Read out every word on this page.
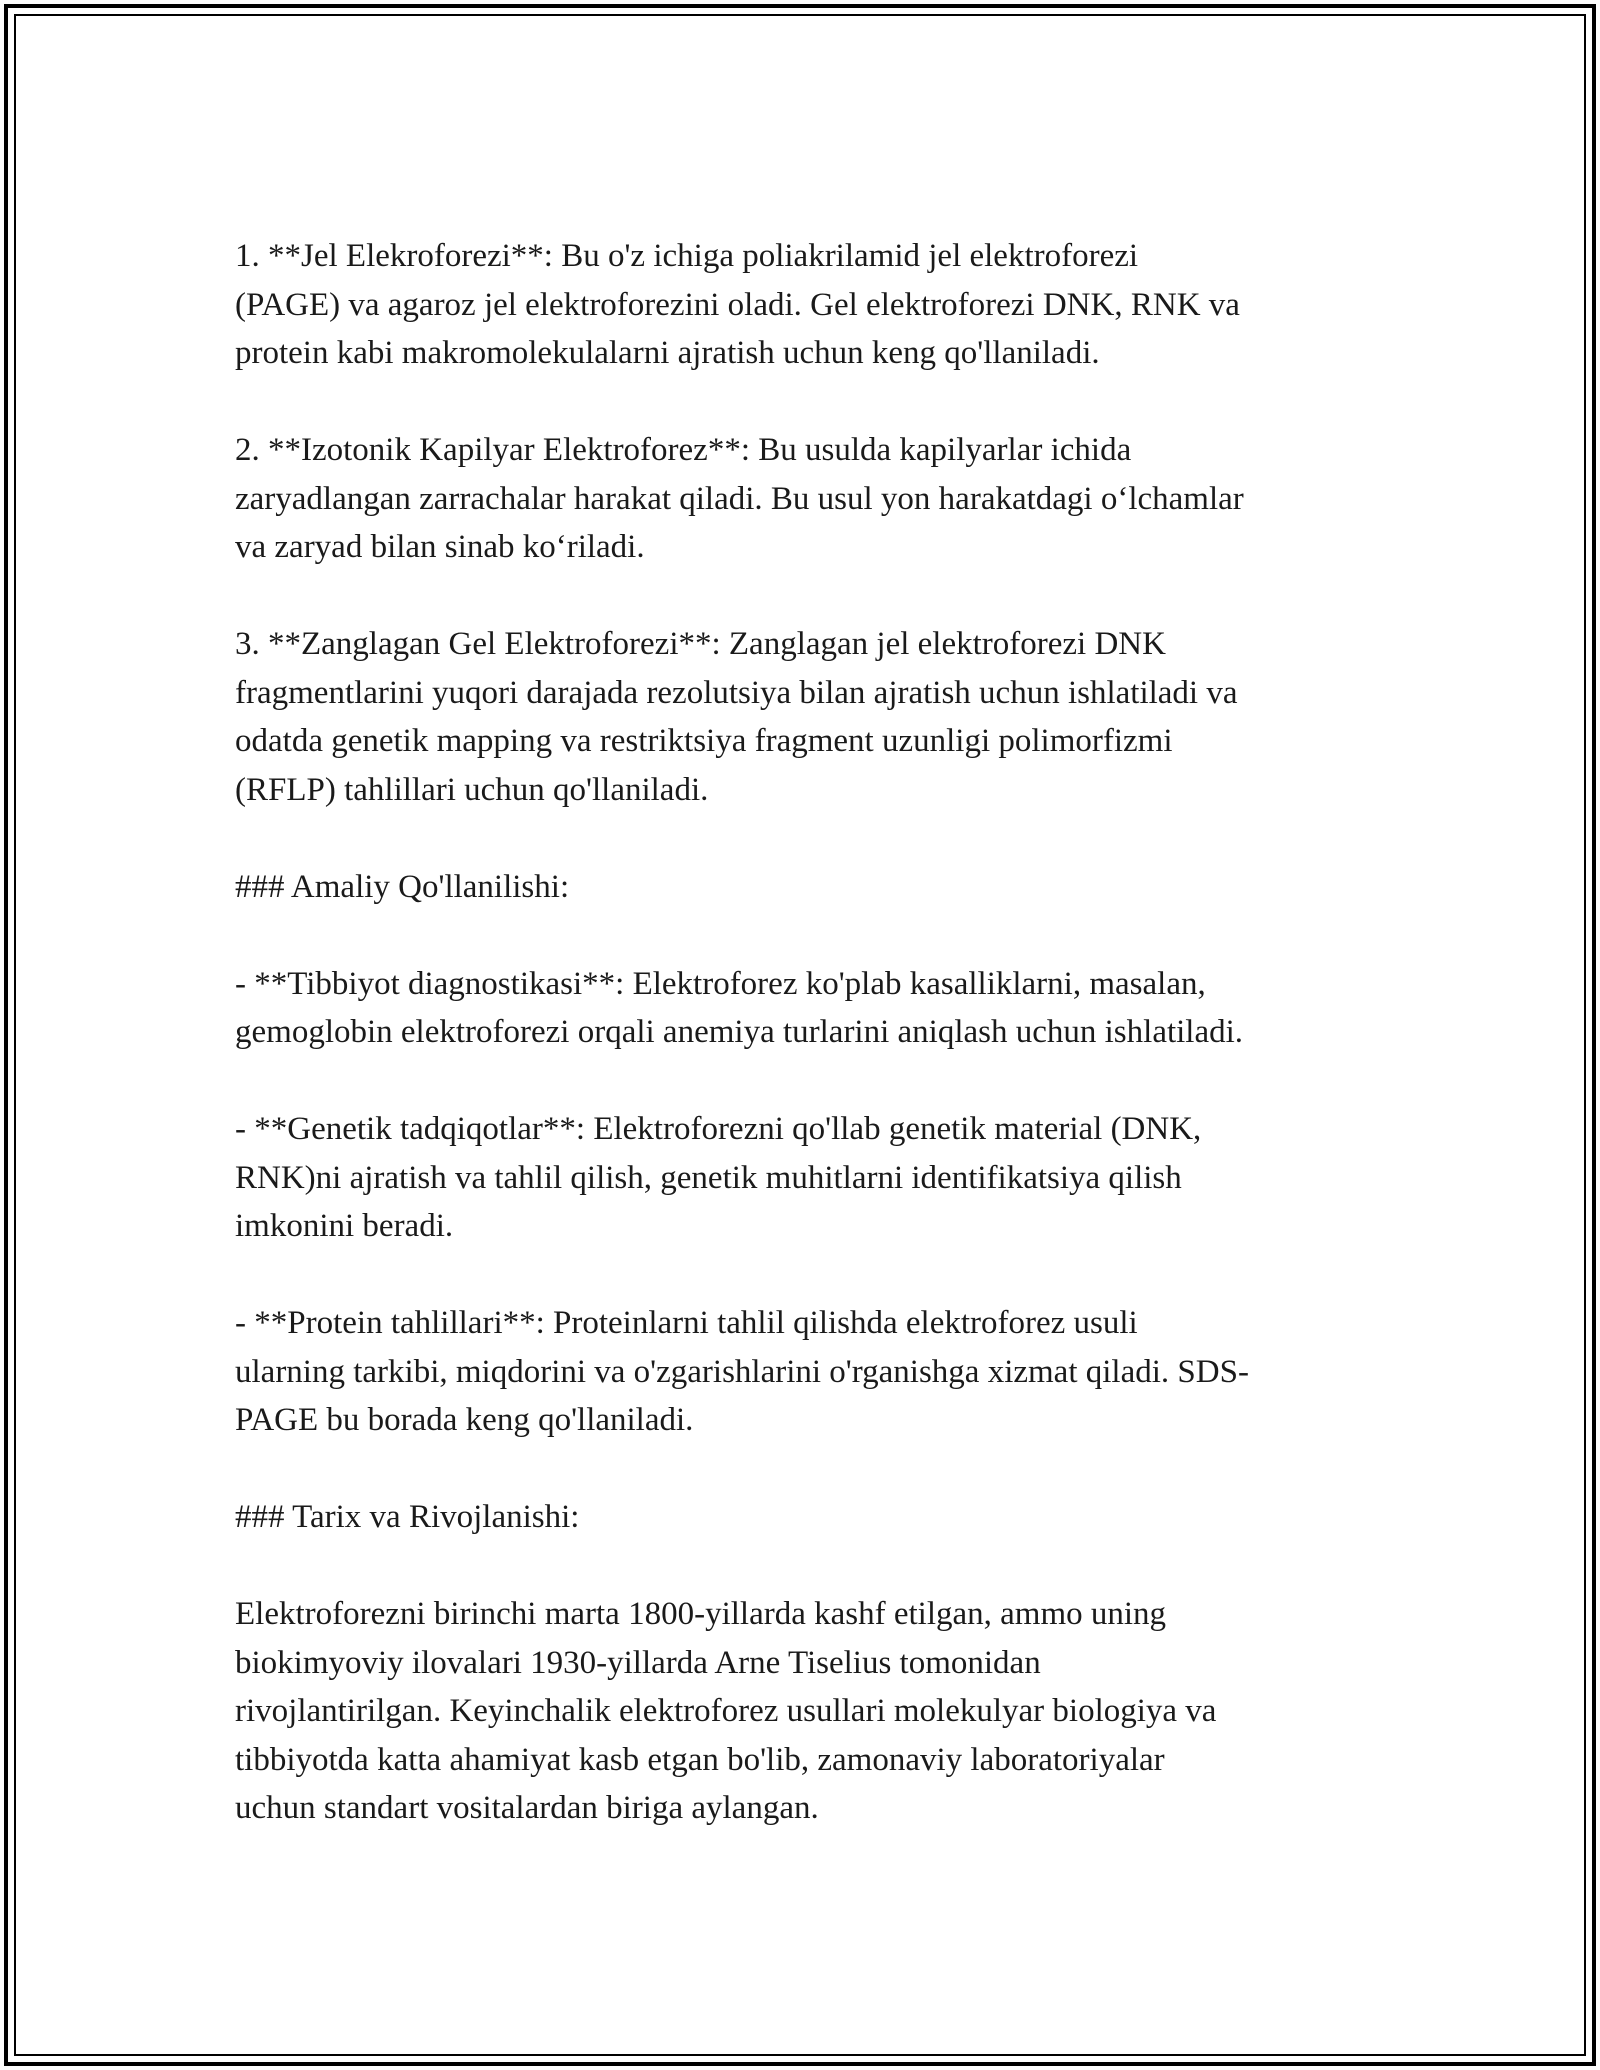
1. **Jel Elekroforezi**: Bu o'z ichiga poliakrilamid jel elektroforezi
(PAGE) va agaroz jel elektroforezini oladi. Gel elektroforezi DNK, RNK va
protein kabi makromolekulalarni ajratish uchun keng qo'llaniladi.

2. **Izotonik Kapilyar Elektroforez**: Bu usulda kapilyarlar ichida
zaryadlangan zarrachalar harakat qiladi. Bu usul yon harakatdagi o‘lchamlar
va zaryad bilan sinab ko‘riladi.

3. **Zanglagan Gel Elektroforezi**: Zanglagan jel elektroforezi DNK
fragmentlarini yuqori darajada rezolutsiya bilan ajratish uchun ishlatiladi va
odatda genetik mapping va restriktsiya fragment uzunligi polimorfizmi
(RFLP) tahlillari uchun qo'llaniladi.

### Amaliy Qo'llanilishi:

- **Tibbiyot diagnostikasi**: Elektroforez ko'plab kasalliklarni, masalan,
gemoglobin elektroforezi orqali anemiya turlarini aniqlash uchun ishlatiladi.

- **Genetik tadqiqotlar**: Elektroforezni qo'llab genetik material (DNK,
RNK)ni ajratish va tahlil qilish, genetik muhitlarni identifikatsiya qilish
imkonini beradi.

- **Protein tahlillari**: Proteinlarni tahlil qilishda elektroforez usuli
ularning tarkibi, miqdorini va o'zgarishlarini o'rganishga xizmat qiladi. SDS-
PAGE bu borada keng qo'llaniladi.

### Tarix va Rivojlanishi:

Elektroforezni birinchi marta 1800-yillarda kashf etilgan, ammo uning
biokimyoviy ilovalari 1930-yillarda Arne Tiselius tomonidan
rivojlantirilgan. Keyinchalik elektroforez usullari molekulyar biologiya va
tibbiyotda katta ahamiyat kasb etgan bo'lib, zamonaviy laboratoriyalar
uchun standart vositalardan biriga aylangan.
